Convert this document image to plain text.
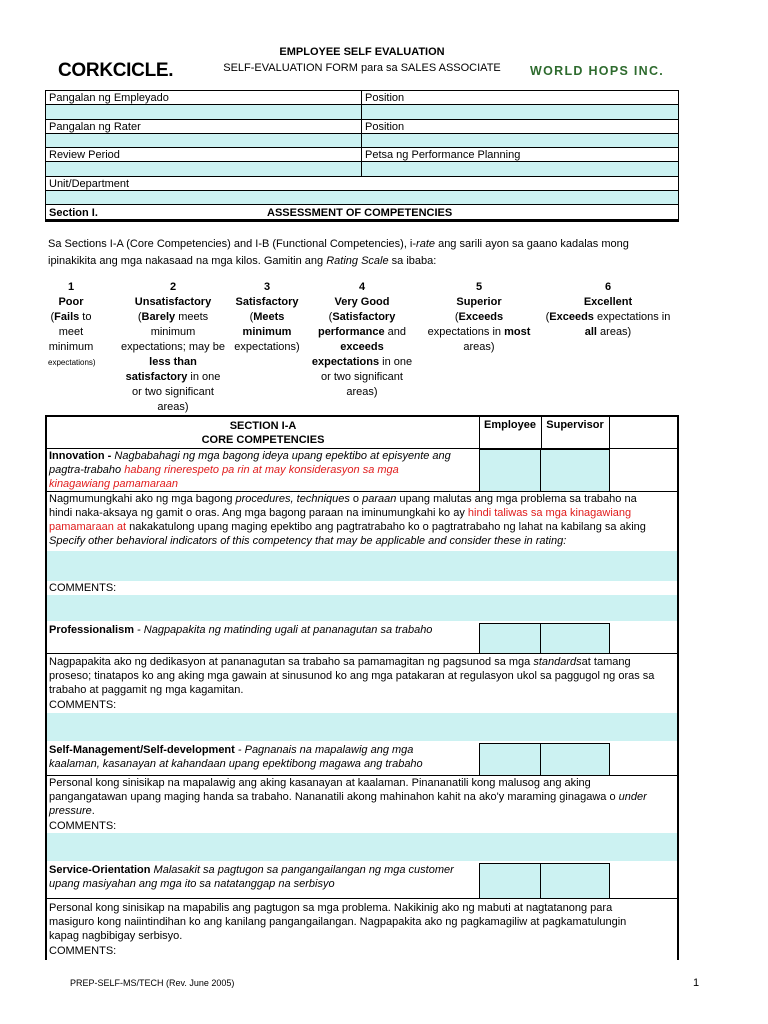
CORKCICLE.
EMPLOYEE SELF EVALUATION
SELF-EVALUATION FORM para sa SALES ASSOCIATE	WORLD HOPS INC.
Pangalan ng Empleyado	Position
Pangalan ng Rater	Position
Review Period	Petsa ng Performance Planning
Unit/Department
Section I.	ASSESSMENT OF COMPETENCIES
Sa Sections I-A (Core Competencies) and I-B (Functional Competencies), i-rate ang sarili ayon sa gaano kadalas mong
ipinakikita ang mga nakasaad na mga kilos. Gamitin ang Rating Scale sa ibaba:
1
Poor
(Fails to
meet
minimum
expectations)
2
Unsatisfactory
(Barely meets
minimum
expectations; may be
less than
satisfactory in one
or two significant
areas)
3
Satisfactory
(Meets
minimum
expectations)
4
Very Good
(Satisfactory
performance and
exceeds
expectations in one
or two significant
areas)
5
Superior
(Exceeds
expectations in most
areas)
6
Excellent
(Exceeds expectations in
all areas)
SECTION I-A
CORE COMPETENCIES
Employee Supervisor
Innovation - Nagbabahagi ng mga bagong ideya upang epektibo at episyente ang
pagtra-trabaho habang rinerespeto pa rin at may konsiderasyon sa mga
kinagawiang pamamaraan
Nagmumungkahi ako ng mga bagong procedures, techniques o paraan upang malutas ang mga problema sa trabaho na
hindi naka-aksaya ng gamit o oras. Ang mga bagong paraan na iminumungkahi ko ay hindi taliwas sa mga kinagawiang
pamamaraan at nakakatulong upang maging epektibo ang pagtratrabaho ko o pagtratrabaho ng lahat na kabilang sa aking
Specify other behavioral indicators of this competency that may be applicable and consider these in rating:
COMMENTS:
Professionalism - Nagpapakita ng matinding ugali at pananagutan sa trabaho
Nagpapakita ako ng dedikasyon at pananagutan sa trabaho sa pamamagitan ng pagsunod sa mga standardsat tamang
proseso; tinatapos ko ang aking mga gawain at sinusunod ko ang mga patakaran at regulasyon ukol sa paggugol ng oras sa
trabaho at paggamit ng mga kagamitan.
COMMENTS:
Self-Management/Self-development - Pagnanais na mapalawig ang mga
kaalaman, kasanayan at kahandaan upang epektibong magawa ang trabaho
Personal kong sinisikap na mapalawig ang aking kasanayan at kaalaman. Pinananatili kong malusog ang aking
pangangatawan upang maging handa sa trabaho. Nananatili akong mahinahon kahit na ako'y maraming ginagawa o under
pressure.
COMMENTS:
Service-Orientation Malasakit sa pagtugon sa pangangailangan ng mga customer
upang masiyahan ang mga ito sa natatanggap na serbisyo
Personal kong sinisikap na mapabilis ang pagtugon sa mga problema. Nakikinig ako ng mabuti at nagtatanong para
masiguro kong naiintindihan ko ang kanilang pangangailangan. Nagpapakita ako ng pagkamagiliw at pagkamatulungin
kapag nagbibigay serbisyo.
COMMENTS:
PREP-SELF-MS/TECH (Rev. June 2005)	1
